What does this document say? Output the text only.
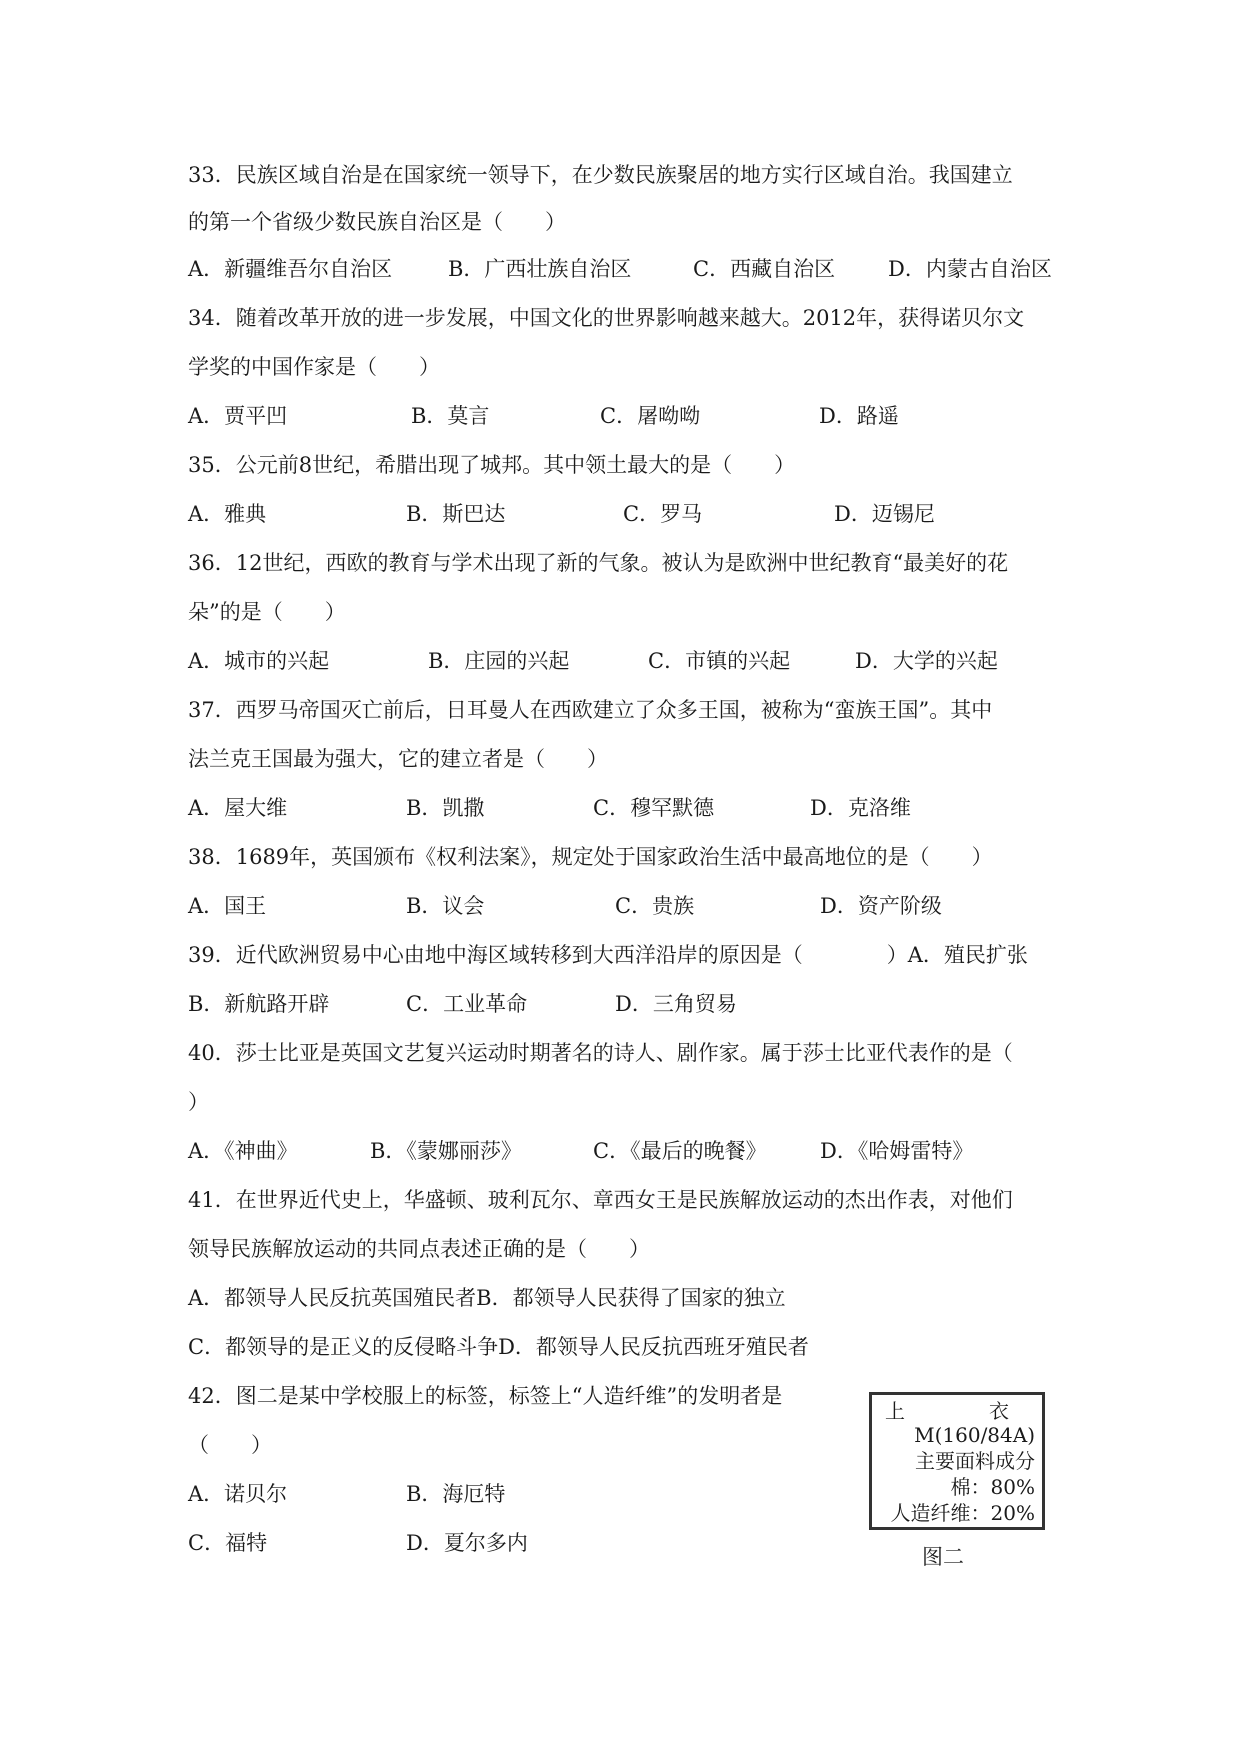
33．民族区域自治是在国家统一领导下，在少数民族聚居的地方实行区域自治。我国建立
的第一个省级少数民族自治区是（　　）
A．新疆维吾尔自治区	B．广西壮族自治区	C．西藏自治区	D．内蒙古自治区
34．随着改革开放的进一步发展，中国文化的世界影响越来越大。2012年，获得诺贝尔文
学奖的中国作家是（　　）
A．贾平凹	B．莫言	C．屠呦呦	D．路遥
35．公元前8世纪，希腊出现了城邦。其中领土最大的是（　　）
A．雅典	B．斯巴达	C．罗马	D．迈锡尼
36．12世纪，西欧的教育与学术出现了新的气象。被认为是欧洲中世纪教育“最美好的花
朵”的是（　　）
A．城市的兴起	B．庄园的兴起	C．市镇的兴起	D．大学的兴起
37．西罗马帝国灭亡前后，日耳曼人在西欧建立了众多王国，被称为“蛮族王国”。其中
法兰克王国最为强大，它的建立者是（　　）
A．屋大维	B．凯撒	C．穆罕默德	D．克洛维
38．1689年，英国颁布《权利法案》，规定处于国家政治生活中最高地位的是（　　）
A．国王	B．议会	C．贵族	D．资产阶级
39．近代欧洲贸易中心由地中海区域转移到大西洋沿岸的原因是（　　　　）A．殖民扩张
B．新航路开辟	C．工业革命	D．三角贸易
40．莎士比亚是英国文艺复兴运动时期著名的诗人、剧作家。属于莎士比亚代表作的是（
）
A．《神曲》	B．《蒙娜丽莎》	C．《最后的晚餐》	D．《哈姆雷特》
41．在世界近代史上，华盛顿、玻利瓦尔、章西女王是民族解放运动的杰出作表，对他们
领导民族解放运动的共同点表述正确的是（　　）
A．都领导人民反抗英国殖民者B．都领导人民获得了国家的独立
C．都领导的是正义的反侵略斗争D．都领导人民反抗西班牙殖民者
42．图二是某中学校服上的标签，标签上“人造纤维”的发明者是
（　　）
A．诺贝尔	B．海厄特
C．福特	D．夏尔多内
上	衣
M(160/84A)
主要面料成分
棉：80%
人造纤维：20%
图二
